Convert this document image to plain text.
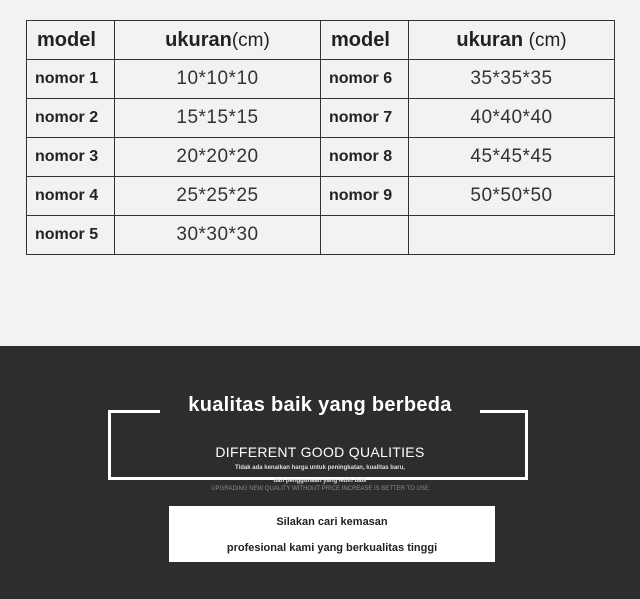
model	ukuran(cm)	model	ukuran (cm)
nomor 1	10*10*10	nomor 6	35*35*35
nomor 2	15*15*15	nomor 7	40*40*40
nomor 3	20*20*20	nomor 8	45*45*45
nomor 4	25*25*25	nomor 9	50*50*50
nomor 5	30*30*30		
kualitas baik yang berbeda
DIFFERENT GOOD QUALITIES
Tidak ada kenaikan harga untuk peningkatan, kualitas baru,
dan penggunaan yang lebih baik
UPGRADING NEW QUALITY WITHOUT PRICE INCREASE IS BETTER TO USE
Silakan cari kemasan
profesional kami yang berkualitas tinggi
